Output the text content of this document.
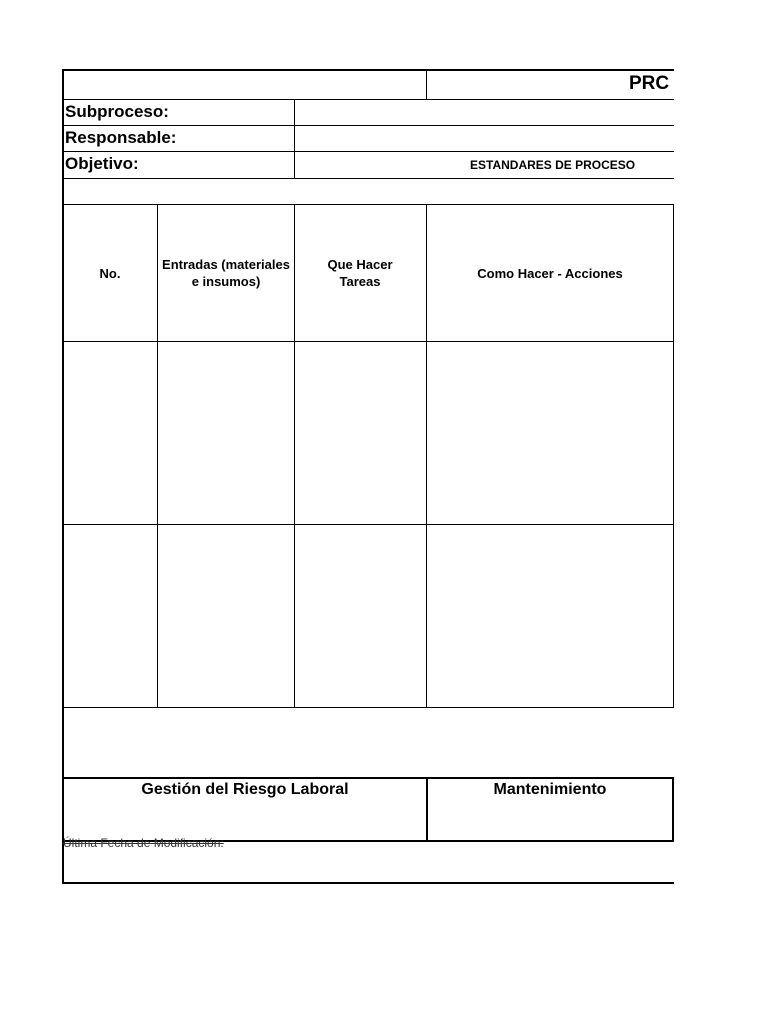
PRC
Subproceso:
Responsable:
Objetivo:	ESTANDARES DE PROCESO
No.
Entradas (materiales e insumos)
Que Hacer Tareas
Como Hacer - Acciones
Gestión del Riesgo Laboral	Mantenimiento
Última Fecha de Modificación:
